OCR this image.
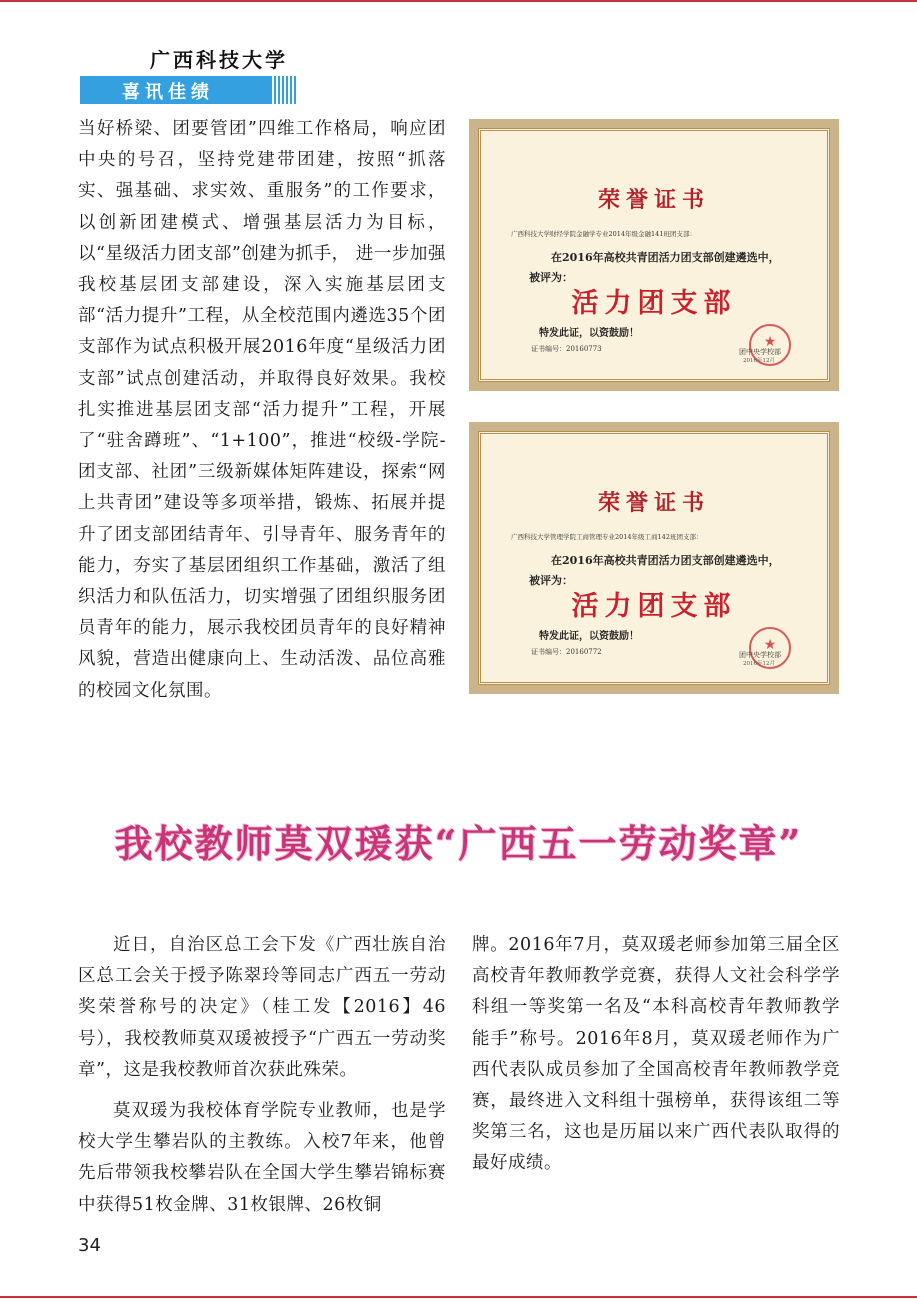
广西科技大学
喜讯佳绩
当好桥梁、团要管团”四维工作格局，响应团中央的号召，坚持党建带团建，按照“抓落实、强基础、求实效、重服务”的工作要求，以创新团建模式、增强基层活力为目标，以“星级活力团支部”创建为抓手， 进一步加强我校基层团支部建设，深入实施基层团支部“活力提升”工程，从全校范围内遴选35个团支部作为试点积极开展2016年度“星级活力团支部”试点创建活动，并取得良好效果。我校扎实推进基层团支部“活力提升”工程，开展了“驻舍蹲班”、“1+100”，推进“校级-学院-团支部、社团”三级新媒体矩阵建设，探索“网上共青团”建设等多项举措，锻炼、拓展并提升了团支部团结青年、引导青年、服务青年的能力，夯实了基层团组织工作基础，激活了组织活力和队伍活力，切实增强了团组织服务团员青年的能力，展示我校团员青年的良好精神风貌，营造出健康向上、生动活泼、品位高雅的校园文化氛围。
荣誉证书
广西科技大学财经学院金融学专业2014年级金融141班团支部：
在2016年高校共青团活力团支部创建遴选中，
被评为：
活力团支部
特发此证，以资鼓励！
证书编号：20160773	★
团中央学校部
2016年12月
荣誉证书
广西科技大学管理学院工商管理专业2014年级工商142班团支部：
在2016年高校共青团活力团支部创建遴选中，
被评为：
活力团支部
特发此证，以资鼓励！
证书编号：20160772	★
团中央学校部
2016年12月
我校教师莫双瑗获“广西五一劳动奖章”

近日，自治区总工会下发《广西壮族自治区总工会关于授予陈翠玲等同志广西五一劳动奖荣誉称号的决定》（桂工发【2016】46号），我校教师莫双瑗被授予“广西五一劳动奖章”，这是我校教师首次获此殊荣。

莫双瑗为我校体育学院专业教师，也是学校大学生攀岩队的主教练。入校7年来，他曾先后带领我校攀岩队在全国大学生攀岩锦标赛中获得51枚金牌、31枚银牌、26枚铜

牌。2016年7月，莫双瑗老师参加第三届全区高校青年教师教学竞赛，获得人文社会科学学科组一等奖第一名及“本科高校青年教师教学能手”称号。2016年8月，莫双瑗老师作为广西代表队成员参加了全国高校青年教师教学竞赛，最终进入文科组十强榜单，获得该组二等奖第三名，这也是历届以来广西代表队取得的最好成绩。

34
